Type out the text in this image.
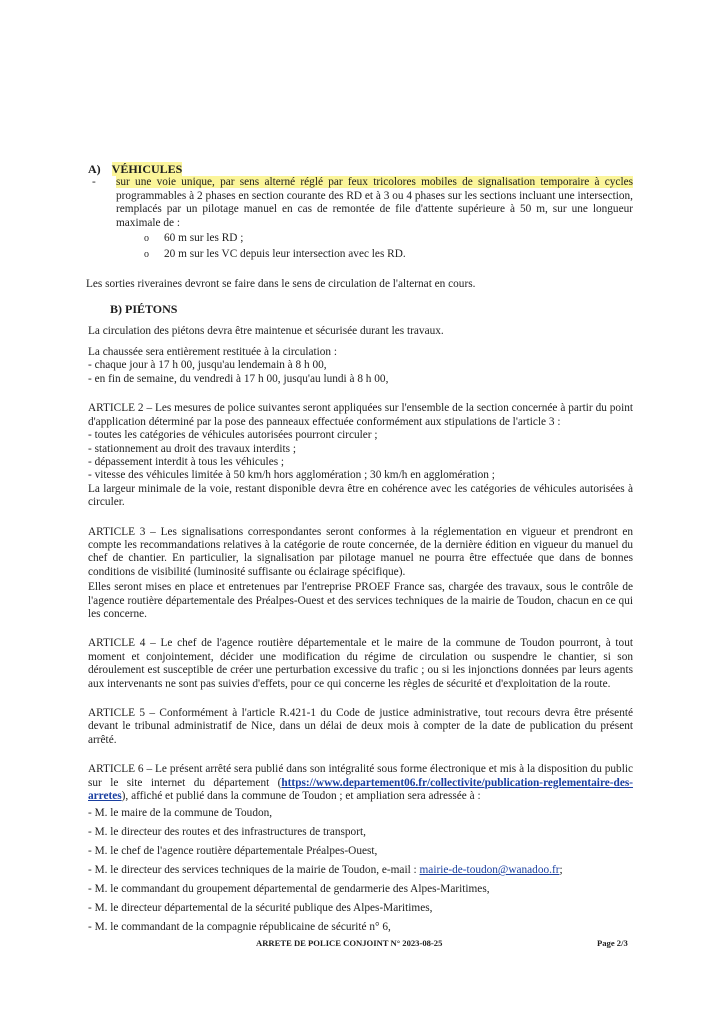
A) VÉHICULES

- sur une voie unique, par sens alterné réglé par feux tricolores mobiles de signalisation temporaire à cycles programmables à 2 phases en section courante des RD et à 3 ou 4 phases sur les sections incluant une intersection, remplacés par un pilotage manuel en cas de remontée de file d'attente supérieure à 50 m, sur une longueur maximale de :
o 60 m sur les RD ;
o 20 m sur les VC depuis leur intersection avec les RD.

Les sorties riveraines devront se faire dans le sens de circulation de l'alternat en cours.

B) PIÉTONS

La circulation des piétons devra être maintenue et sécurisée durant les travaux.

La chaussée sera entièrement restituée à la circulation :

- chaque jour à 17 h 00, jusqu'au lendemain à 8 h 00,

- en fin de semaine, du vendredi à 17 h 00, jusqu'au lundi à 8 h 00,

ARTICLE 2 – Les mesures de police suivantes seront appliquées sur l'ensemble de la section concernée à partir du point d'application déterminé par la pose des panneaux effectuée conformément aux stipulations de l'article 3 :

- toutes les catégories de véhicules autorisées pourront circuler ;

- stationnement au droit des travaux interdits ;

- dépassement interdit à tous les véhicules ;

- vitesse des véhicules limitée à 50 km/h hors agglomération ; 30 km/h en agglomération ;

La largeur minimale de la voie, restant disponible devra être en cohérence avec les catégories de véhicules autorisées à circuler.

ARTICLE 3 – Les signalisations correspondantes seront conformes à la réglementation en vigueur et prendront en compte les recommandations relatives à la catégorie de route concernée, de la dernière édition en vigueur du manuel du chef de chantier. En particulier, la signalisation par pilotage manuel ne pourra être effectuée que dans de bonnes conditions de visibilité (luminosité suffisante ou éclairage spécifique).

Elles seront mises en place et entretenues par l'entreprise PROEF France sas, chargée des travaux, sous le contrôle de l'agence routière départementale des Préalpes-Ouest et des services techniques de la mairie de Toudon, chacun en ce qui les concerne.

ARTICLE 4 – Le chef de l'agence routière départementale et le maire de la commune de Toudon pourront, à tout moment et conjointement, décider une modification du régime de circulation ou suspendre le chantier, si son déroulement est susceptible de créer une perturbation excessive du trafic ; ou si les injonctions données par leurs agents aux intervenants ne sont pas suivies d'effets, pour ce qui concerne les règles de sécurité et d'exploitation de la route.

ARTICLE 5 – Conformément à l'article R.421-1 du Code de justice administrative, tout recours devra être présenté devant le tribunal administratif de Nice, dans un délai de deux mois à compter de la date de publication du présent arrêté.

ARTICLE 6 – Le présent arrêté sera publié dans son intégralité sous forme électronique et mis à la disposition du public sur le site internet du département (https://www.departement06.fr/collectivite/publication-reglementaire-des-arretes), affiché et publié dans la commune de Toudon ; et ampliation sera adressée à :

- M. le maire de la commune de Toudon,

- M. le directeur des routes et des infrastructures de transport,

- M. le chef de l'agence routière départementale Préalpes-Ouest,

- M. le directeur des services techniques de la mairie de Toudon, e-mail : mairie-de-toudon@wanadoo.fr;

- M. le commandant du groupement départemental de gendarmerie des Alpes-Maritimes,

- M. le directeur départemental de la sécurité publique des Alpes-Maritimes,

- M. le commandant de la compagnie républicaine de sécurité n° 6,

ARRETE DE POLICE CONJOINT N° 2023-08-25	Page 2/3
